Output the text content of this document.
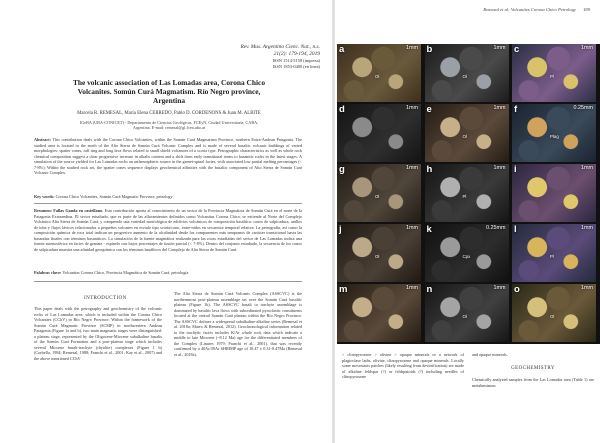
Rev. Mus. Argentino Cienc. Nat., n.s.
21(2): 179-194, 2019
ISSN 1514-5158 (impresa)
ISSN 1853-0400 (en línea)
The volcanic association of Las Lomadas area, Corona Chico
Volcanites. Somún Curá Magmatism. Río Negro province,
Argentina
Marcela R. REMESAL, María Elena CERREDO, Pablo D. CORDENONS & Juan M. ALBITE
IGeBA (UBA-CONICET) - Departamento de Ciencias Geológicas, FCEyN, Ciudad Universitaria, CABA,
Argentina. E-mail: remesal@gl.fcen.uba.ar
Abstract: This contribution deals with the Corona Chico Volcanites, within the Somún Curá Magmatism Province, northern Extra-Andean Patagonia. The studied area is located to the north of the Alto Sierra de Somún Curá Volcanic Complex and is made of several basaltic volcanic buildings of varied morphologies: spatter cones, tuff ring and long lava flows related to small shield volcanoes of a scoria type. Petrographic characteristics as well as whole rock chemical composition suggest a clear progressive increase in alkalis content and a shift from early transitional terms to basanitic rocks in the latest stages. A simulation of the source yielded for Las Lomadas rocks an asthenospheric source in the garnet-spinel facies, with associated low partial melting percentages (< 7-8%). Within the studied rock set, the spatter cones sequence displays geochemical affinities with the basaltic component of Alto Sierra de Somún Curá Volcanic Complex.
Key words: Corona Chico Volcanites, Somún Curá Magmatic Province, petrology
Resumen: Fallas Ganda en castellano. Esta contribución aporta al conocimiento de un sector de la Provincia Magmática de Somún Curá en el norte de la Patagonia Extraandina. El sector estudiado, que es parte de las afloramientos definidos como Volcanitas Corona Chico, se extiende al Norte del Complejo Volcánico Alta Sierra de Somún Curá, y comprende una variedad morfológica de edificios volcánicos de composición basáltica: conos de salpicadura, anillos de toba y flujos lávicos relacionados a pequeños volcanes en escudo tipo scoria/cono, entre-nidos en secuencia temporal relativa. La petrografía, así como la composición química de roca total indican un progresivo aumento de la alcalinidad desde los componentes más tempranos de carácter transicional hasta las basanitas finales con términos basaníticos. La simulación de la fuente magmática realizada para las rocas estudiadas del sector de Las Lomadas indica una fuente astenosférica en facies de granate - espinelo con bajos porcentajes de fusión parcial (< 7-8%). Dentro del conjunto estudiado, la secuencia de los conos de salpicadura muestra una afinidad geoquímica con los términos basálticos del Complejo de Alta Sierra de Somún Curá.
Palabras clave: Volcanitas Corona Chico, Provincia Magmática de Somún Curá, petrología
INTRODUCTION
This paper deals with the petrography and geochemistry of the volcanic rocks of Las Lomadas area, which is included within the Corona Chico Volcanites (CChV) in Río Negro Province. Within the framework of the Somún Curá Magmatic Province (SCMP) in northwestern Andean Patagonia (Figure 1a and b), two main magmatic stages were distinguished: a plateau stage, represented by the Oligocene-Miocene subalkaline basalts of the Somún Curá Formation and a post-plateau stage which includes several Miocene basalt-trachyte (rhyolite) complexes (Figure 1 b) (Corbella, 1984; Remesal, 1988; Franchi et al., 2001; Kay et al., 2007) and the above mentioned CChV
The Alta Sierra de Somún Curá Volcanic Complex (ASSCVC) is the northernmost post-plateau assemblage set over the Somún Curá basaltic plateau (Figure 1b). The ASSCVC basalt to trachyte assemblage is dominated by basaltic lava flows with subordinated pyroclastic constituents located at the central Somún Curá plateau within the Río Negro Province. The ASSCVC defines a widespread subalkaline-alkaline series (Remesal et al. 2018a; Marro & Remesal, 2012). Geochronological information related to the trachytic facies includes K/Ar whole rock data which indicate a middle to late Miocene (~8.12 Ma) age for the differentiated members of the Complex (Linares 1979; Franchi et al., 2001), that was recently confirmed by a 40Ar/39Ar SHRIMP age of 10.47 ± 0.31-0.47Ma (Remesal et al., 2018a).
Remesal et al: Volcanites Corona Chico Petrology 189
a	1mm
Ol
b	1mm
Ol
c	1mm
Pl
d	1mm e	1mm
Ol
f	0.25mm
Plag
g	1mm
Ol
h	1mm
Pl
i	1mm
j	1mm
Ol
k	0.25mm
Cpx
l	1mm
Pl
m	1mm n	1mm
Ol
o	1mm
Ol
> clinopyroxene > olivine > opaque minerals or a network of plagioclase laths, olivine, clinopyroxene and opaque minerals. Locally some mesostasis patches (likely resulting from devitrification) are made of alkaline feldspar (?) or feldspatoids (?) including needles of clinopyroxene
and opaque minerals.
GEOCHEMISTRY
Chemically analyzed samples from the Las Lomadas area (Table 1) are metaluminous
